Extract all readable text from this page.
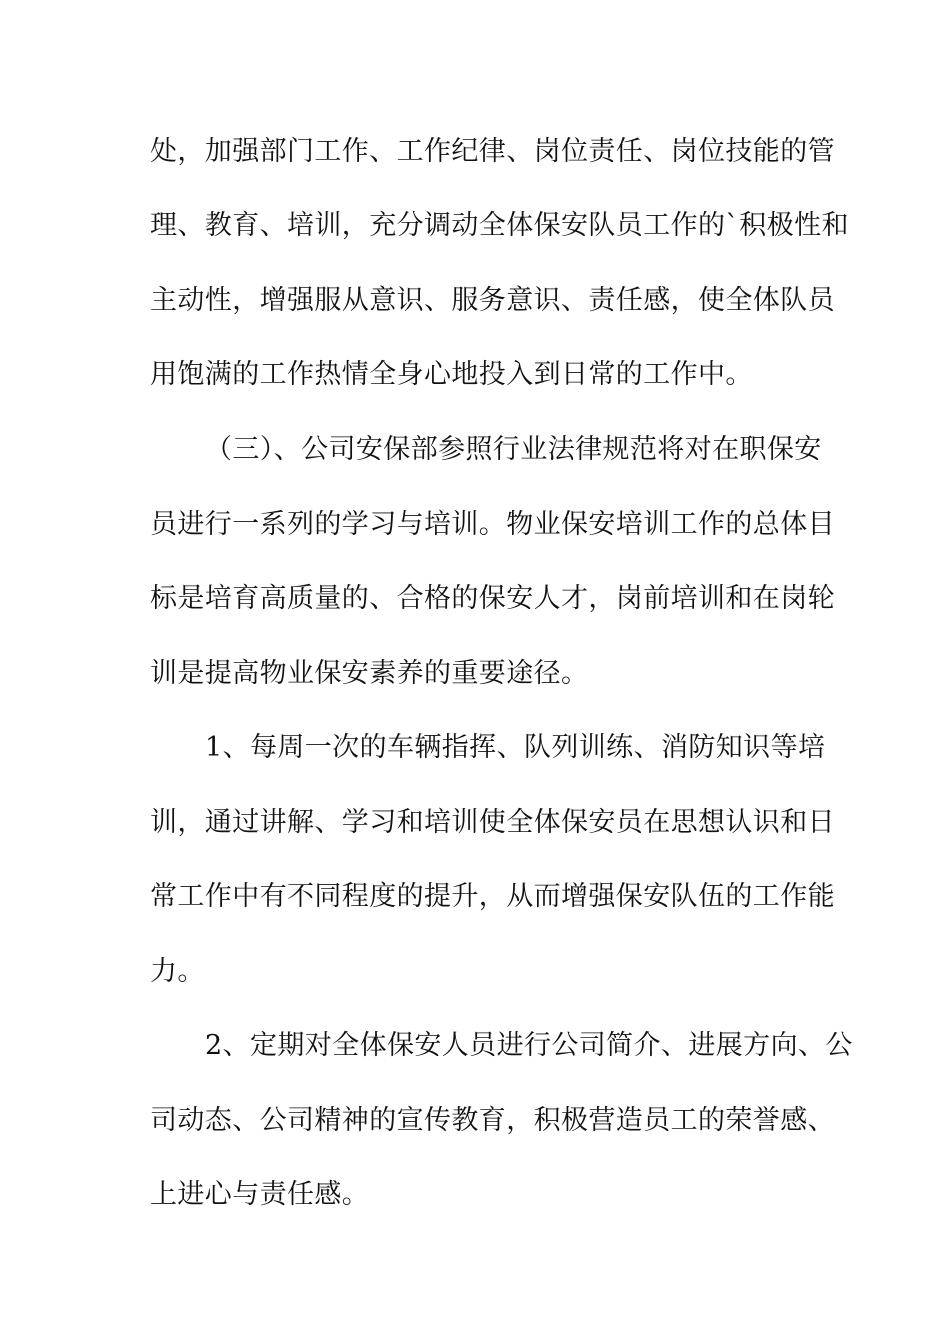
处，加强部门工作、工作纪律、岗位责任、岗位技能的管
理、教育、培训，充分调动全体保安队员工作的`积极性和
主动性，增强服从意识、服务意识、责任感，使全体队员
用饱满的工作热情全身心地投入到日常的工作中。
（三）、公司安保部参照行业法律规范将对在职保安
员进行一系列的学习与培训。物业保安培训工作的总体目
标是培育高质量的、合格的保安人才，岗前培训和在岗轮
训是提高物业保安素养的重要途径。
1、每周一次的车辆指挥、队列训练、消防知识等培
训，通过讲解、学习和培训使全体保安员在思想认识和日
常工作中有不同程度的提升，从而增强保安队伍的工作能
力。
2、定期对全体保安人员进行公司简介、进展方向、公
司动态、公司精神的宣传教育，积极营造员工的荣誉感、
上进心与责任感。
